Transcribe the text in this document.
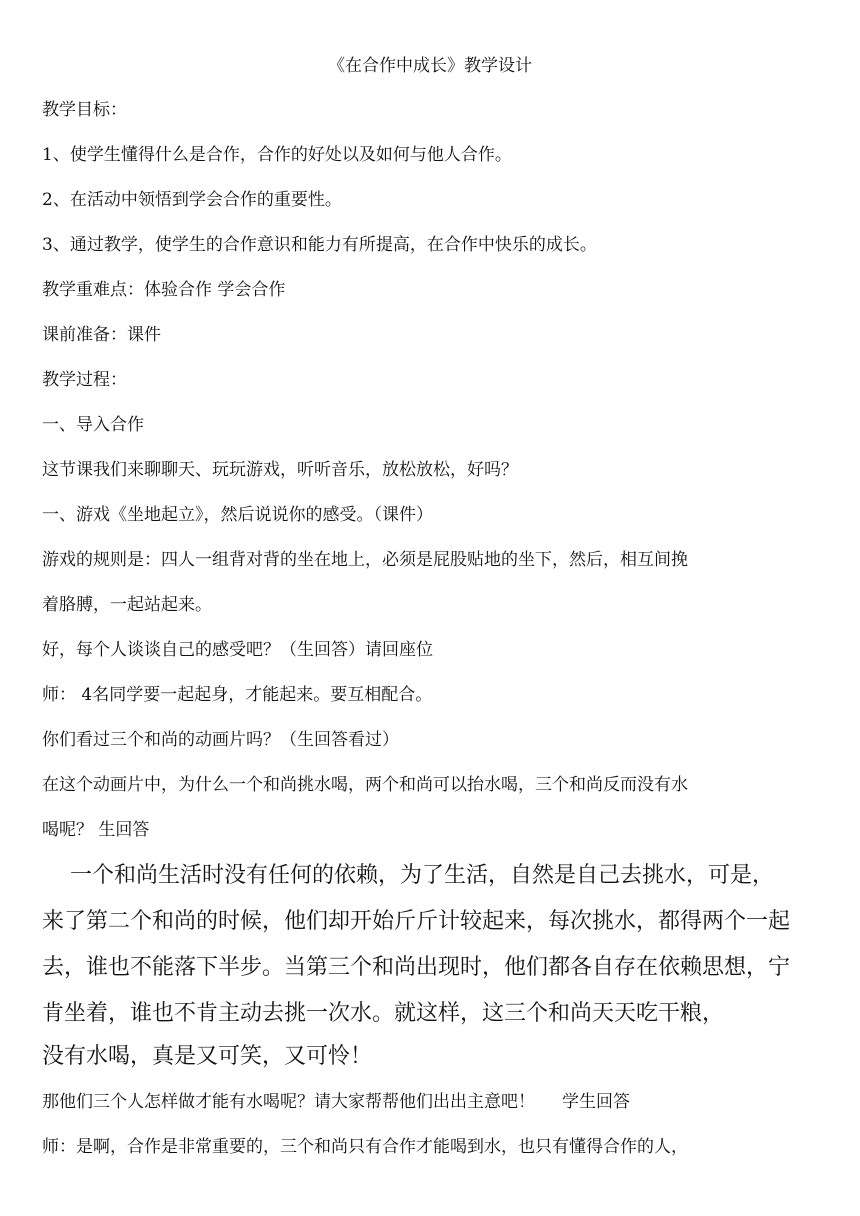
《在合作中成长》教学设计
教学目标：
1、使学生懂得什么是合作，合作的好处以及如何与他人合作。
2、在活动中领悟到学会合作的重要性。
3、通过教学，使学生的合作意识和能力有所提高，在合作中快乐的成长。
教学重难点：体验合作 学会合作
课前准备：课件
教学过程：
一、导入合作
这节课我们来聊聊天、玩玩游戏，听听音乐，放松放松，好吗？
一、游戏《坐地起立》，然后说说你的感受。（课件）
游戏的规则是：四人一组背对背的坐在地上，必须是屁股贴地的坐下，然后，相互间挽
着胳膊，一起站起来。
好，每个人谈谈自己的感受吧？（生回答）请回座位
师： 4名同学要一起起身，才能起来。要互相配合。
你们看过三个和尚的动画片吗？（生回答看过）
在这个动画片中，为什么一个和尚挑水喝，两个和尚可以抬水喝，三个和尚反而没有水
喝呢？ 生回答
一个和尚生活时没有任何的依赖，为了生活，自然是自己去挑水，可是，
来了第二个和尚的时候，他们却开始斤斤计较起来，每次挑水，都得两个一起
去，谁也不能落下半步。当第三个和尚出现时，他们都各自存在依赖思想，宁
肯坐着，谁也不肯主动去挑一次水。就这样，这三个和尚天天吃干粮，
没有水喝，真是又可笑，又可怜！
那他们三个人怎样做才能有水喝呢？请大家帮帮他们出出主意吧！     学生回答
师：是啊，合作是非常重要的，三个和尚只有合作才能喝到水，也只有懂得合作的人，
